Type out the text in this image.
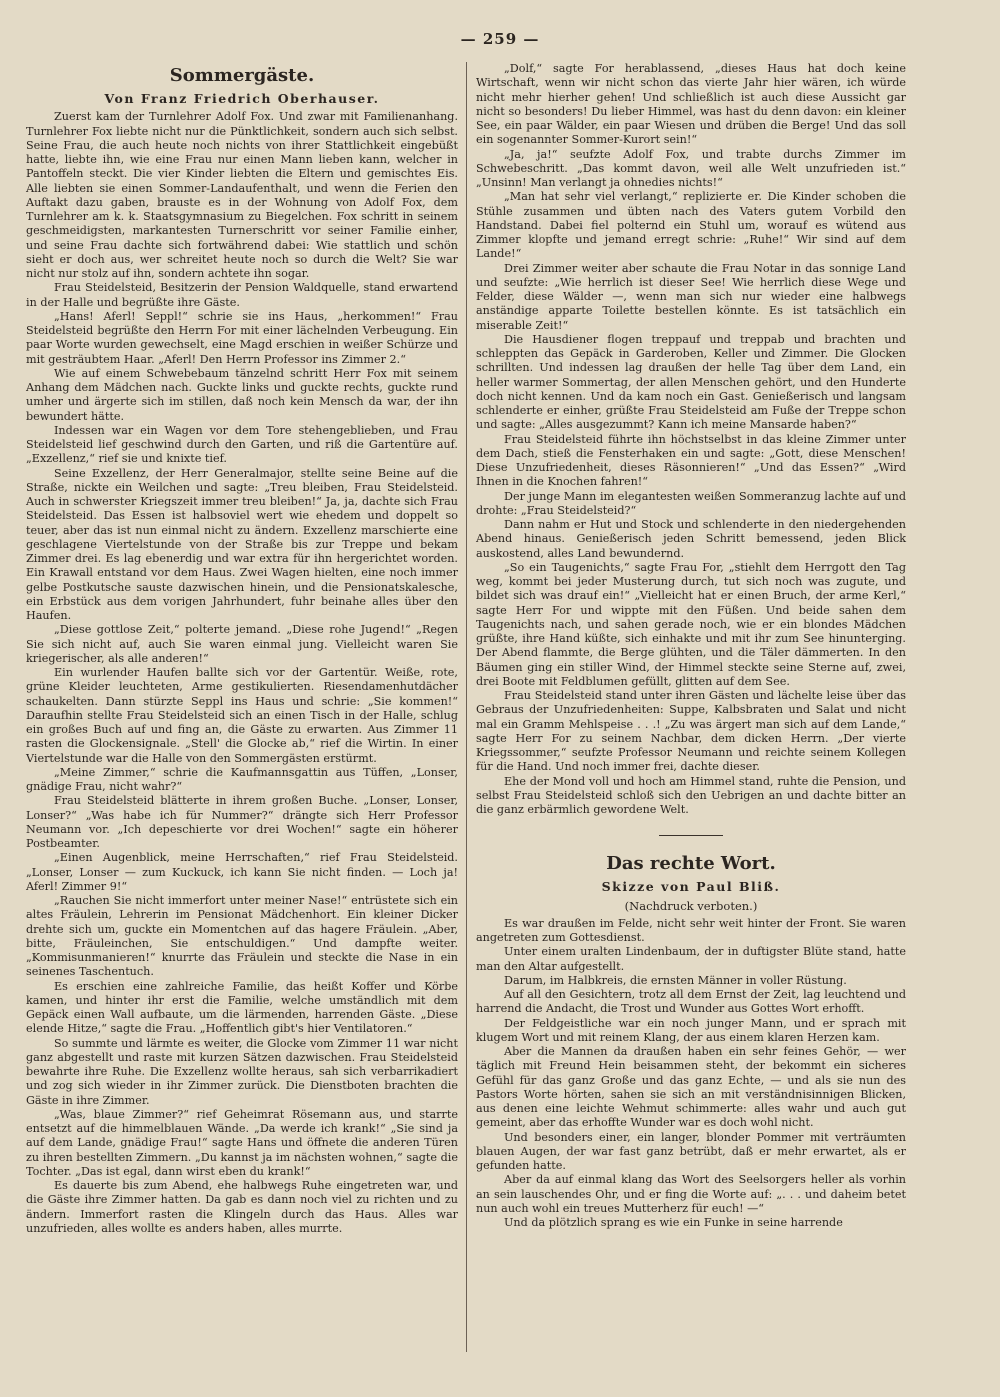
— 259 —
Sommergäste.
Von Franz Friedrich Oberhauser.

Zuerst kam der Turnlehrer Adolf Fox. Und zwar mit Familienanhang. Turnlehrer Fox liebte nicht nur die Pünktlichkeit, sondern auch sich selbst. Seine Frau, die auch heute noch nichts von ihrer Stattlichkeit eingebüßt hatte, liebte ihn, wie eine Frau nur einen Mann lieben kann, welcher in Pantoffeln steckt. Die vier Kinder liebten die Eltern und gemischtes Eis. Alle liebten sie einen Sommer-Landaufenthalt, und wenn die Ferien den Auftakt dazu gaben, brauste es in der Wohnung von Adolf Fox, dem Turnlehrer am k. k. Staatsgymnasium zu Biegelchen. Fox schritt in seinem geschmeidigsten, markantesten Turnerschritt vor seiner Familie einher, und seine Frau dachte sich fortwährend dabei: Wie stattlich und schön sieht er doch aus, wer schreitet heute noch so durch die Welt? Sie war nicht nur stolz auf ihn, sondern achtete ihn sogar.

Frau Steidelsteid, Besitzerin der Pension Waldquelle, stand erwartend in der Halle und begrüßte ihre Gäste.

„Hans! Aferl! Seppl!“ schrie sie ins Haus, „herkommen!“ Frau Steidelsteid begrüßte den Herrn For mit einer lächelnden Verbeugung. Ein paar Worte wurden gewechselt, eine Magd erschien in weißer Schürze und mit gesträubtem Haar. „Aferl! Den Herrn Professor ins Zimmer 2.“

Wie auf einem Schwebebaum tänzelnd schritt Herr Fox mit seinem Anhang dem Mädchen nach. Guckte links und guckte rechts, guckte rund umher und ärgerte sich im stillen, daß noch kein Mensch da war, der ihn bewundert hätte.

Indessen war ein Wagen vor dem Tore stehengeblieben, und Frau Steidelsteid lief geschwind durch den Garten, und riß die Gartentüre auf. „Exzellenz,“ rief sie und knixte tief.

Seine Exzellenz, der Herr Generalmajor, stellte seine Beine auf die Straße, nickte ein Weilchen und sagte: „Treu bleiben, Frau Steidelsteid. Auch in schwerster Kriegszeit immer treu bleiben!“ Ja, ja, dachte sich Frau Steidelsteid. Das Essen ist halbsoviel wert wie ehedem und doppelt so teuer, aber das ist nun einmal nicht zu ändern. Exzellenz marschierte eine geschlagene Viertelstunde von der Straße bis zur Treppe und bekam Zimmer drei. Es lag ebenerdig und war extra für ihn hergerichtet worden. Ein Krawall entstand vor dem Haus. Zwei Wagen hielten, eine noch immer gelbe Postkutsche sauste dazwischen hinein, und die Pensionatskalesche, ein Erbstück aus dem vorigen Jahrhundert, fuhr beinahe alles über den Haufen.

„Diese gottlose Zeit,“ polterte jemand. „Diese rohe Jugend!“ „Regen Sie sich nicht auf, auch Sie waren einmal jung. Vielleicht waren Sie kriegerischer, als alle anderen!“

Ein wurlender Haufen ballte sich vor der Gartentür. Weiße, rote, grüne Kleider leuchteten, Arme gestikulierten. Riesendamenhutdächer schaukelten. Dann stürzte Seppl ins Haus und schrie: „Sie kommen!“ Daraufhin stellte Frau Steidelsteid sich an einen Tisch in der Halle, schlug ein großes Buch auf und fing an, die Gäste zu erwarten. Aus Zimmer 11 rasten die Glockensignale. „Stell' die Glocke ab,“ rief die Wirtin. In einer Viertelstunde war die Halle von den Sommergästen erstürmt.

„Meine Zimmer,“ schrie die Kaufmannsgattin aus Tüffen, „Lonser, gnädige Frau, nicht wahr?“

Frau Steidelsteid blätterte in ihrem großen Buche. „Lonser, Lonser, Lonser?“ „Was habe ich für Nummer?“ drängte sich Herr Professor Neumann vor. „Ich depeschierte vor drei Wochen!“ sagte ein höherer Postbeamter.

„Einen Augenblick, meine Herrschaften,“ rief Frau Steidelsteid. „Lonser, Lonser — zum Kuckuck, ich kann Sie nicht finden. — Loch ja! Aferl! Zimmer 9!“

„Rauchen Sie nicht immerfort unter meiner Nase!“ entrüstete sich ein altes Fräulein, Lehrerin im Pensionat Mädchenhort. Ein kleiner Dicker drehte sich um, guckte ein Momentchen auf das hagere Fräulein. „Aber, bitte, Fräuleinchen, Sie entschuldigen.“ Und dampfte weiter. „Kommisunmanieren!“ knurrte das Fräulein und steckte die Nase in ein seinenes Taschentuch.

Es erschien eine zahlreiche Familie, das heißt Koffer und Körbe kamen, und hinter ihr erst die Familie, welche umständlich mit dem Gepäck einen Wall aufbaute, um die lärmenden, harrenden Gäste. „Diese elende Hitze,“ sagte die Frau. „Hoffentlich gibt's hier Ventilatoren.“

So summte und lärmte es weiter, die Glocke vom Zimmer 11 war nicht ganz abgestellt und raste mit kurzen Sätzen dazwischen. Frau Steidelsteid bewahrte ihre Ruhe. Die Exzellenz wollte heraus, sah sich verbarrikadiert und zog sich wieder in ihr Zimmer zurück. Die Dienstboten brachten die Gäste in ihre Zimmer.

„Was, blaue Zimmer?“ rief Geheimrat Rösemann aus, und starrte entsetzt auf die himmelblauen Wände. „Da werde ich krank!“ „Sie sind ja auf dem Lande, gnädige Frau!“ sagte Hans und öffnete die anderen Türen zu ihren bestellten Zimmern. „Du kannst ja im nächsten wohnen,“ sagte die Tochter. „Das ist egal, dann wirst eben du krank!“

Es dauerte bis zum Abend, ehe halbwegs Ruhe eingetreten war, und die Gäste ihre Zimmer hatten. Da gab es dann noch viel zu richten und zu ändern. Immerfort rasten die Klingeln durch das Haus. Alles war unzufrieden, alles wollte es anders haben, alles murrte.

„Dolf,“ sagte For herablassend, „dieses Haus hat doch keine Wirtschaft, wenn wir nicht schon das vierte Jahr hier wären, ich würde nicht mehr hierher gehen! Und schließlich ist auch diese Aussicht gar nicht so besonders! Du lieber Himmel, was hast du denn davon: ein kleiner See, ein paar Wälder, ein paar Wiesen und drüben die Berge! Und das soll ein sogenannter Sommer-Kurort sein!“

„Ja, ja!“ seufzte Adolf Fox, und trabte durchs Zimmer im Schwebeschritt. „Das kommt davon, weil alle Welt unzufrieden ist.“ „Unsinn! Man verlangt ja ohnedies nichts!“

„Man hat sehr viel verlangt,“ replizierte er. Die Kinder schoben die Stühle zusammen und übten nach des Vaters gutem Vorbild den Handstand. Dabei fiel polternd ein Stuhl um, worauf es wütend aus Zimmer klopfte und jemand erregt schrie: „Ruhe!“ Wir sind auf dem Lande!“

Drei Zimmer weiter aber schaute die Frau Notar in das sonnige Land und seufzte: „Wie herrlich ist dieser See! Wie herrlich diese Wege und Felder, diese Wälder —, wenn man sich nur wieder eine halbwegs anständige apparte Toilette bestellen könnte. Es ist tatsächlich ein miserable Zeit!“

Die Hausdiener flogen treppauf und treppab und brachten und schleppten das Gepäck in Garderoben, Keller und Zimmer. Die Glocken schrillten. Und indessen lag draußen der helle Tag über dem Land, ein heller warmer Sommertag, der allen Menschen gehört, und den Hunderte doch nicht kennen. Und da kam noch ein Gast. Genießerisch und langsam schlenderte er einher, grüßte Frau Steidelsteid am Fuße der Treppe schon und sagte: „Alles ausgezummt? Kann ich meine Mansarde haben?“

Frau Steidelsteid führte ihn höchstselbst in das kleine Zimmer unter dem Dach, stieß die Fensterhaken ein und sagte: „Gott, diese Menschen! Diese Unzufriedenheit, dieses Räsonnieren!“ „Und das Essen?“ „Wird Ihnen in die Knochen fahren!“

Der junge Mann im elegantesten weißen Sommeranzug lachte auf und drohte: „Frau Steidelsteid?“

Dann nahm er Hut und Stock und schlenderte in den niedergehenden Abend hinaus. Genießerisch jeden Schritt bemessend, jeden Blick auskostend, alles Land bewundernd.

„So ein Taugenichts,“ sagte Frau For, „stiehlt dem Herrgott den Tag weg, kommt bei jeder Musterung durch, tut sich noch was zugute, und bildet sich was drauf ein!“ „Vielleicht hat er einen Bruch, der arme Kerl,“ sagte Herr For und wippte mit den Füßen. Und beide sahen dem Taugenichts nach, und sahen gerade noch, wie er ein blondes Mädchen grüßte, ihre Hand küßte, sich einhakte und mit ihr zum See hinunterging. Der Abend flammte, die Berge glühten, und die Täler dämmerten. In den Bäumen ging ein stiller Wind, der Himmel steckte seine Sterne auf, zwei, drei Boote mit Feldblumen gefüllt, glitten auf dem See.

Frau Steidelsteid stand unter ihren Gästen und lächelte leise über das Gebraus der Unzufriedenheiten: Suppe, Kalbsbraten und Salat und nicht mal ein Gramm Mehlspeise . . .! „Zu was ärgert man sich auf dem Lande,“ sagte Herr For zu seinem Nachbar, dem dicken Herrn. „Der vierte Kriegssommer,“ seufzte Professor Neumann und reichte seinem Kollegen für die Hand. Und noch immer frei, dachte dieser.

Ehe der Mond voll und hoch am Himmel stand, ruhte die Pension, und selbst Frau Steidelsteid schloß sich den Uebrigen an und dachte bitter an die ganz erbärmlich gewordene Welt.

Das rechte Wort.
Skizze von Paul Bliß.
(Nachdruck verboten.)

Es war draußen im Felde, nicht sehr weit hinter der Front. Sie waren angetreten zum Gottesdienst.

Unter einem uralten Lindenbaum, der in duftigster Blüte stand, hatte man den Altar aufgestellt.

Darum, im Halbkreis, die ernsten Männer in voller Rüstung.

Auf all den Gesichtern, trotz all dem Ernst der Zeit, lag leuchtend und harrend die Andacht, die Trost und Wunder aus Gottes Wort erhofft.

Der Feldgeistliche war ein noch junger Mann, und er sprach mit klugem Wort und mit reinem Klang, der aus einem klaren Herzen kam.

Aber die Mannen da draußen haben ein sehr feines Gehör, — wer täglich mit Freund Hein beisammen steht, der bekommt ein sicheres Gefühl für das ganz Große und das ganz Echte, — und als sie nun des Pastors Worte hörten, sahen sie sich an mit verständnisinnigen Blicken, aus denen eine leichte Wehmut schimmerte: alles wahr und auch gut gemeint, aber das erhoffte Wunder war es doch wohl nicht.

Und besonders einer, ein langer, blonder Pommer mit verträumten blauen Augen, der war fast ganz betrübt, daß er mehr erwartet, als er gefunden hatte.

Aber da auf einmal klang das Wort des Seelsorgers heller als vorhin an sein lauschendes Ohr, und er fing die Worte auf: „. . . und daheim betet nun auch wohl ein treues Mutterherz für euch! —“

Und da plötzlich sprang es wie ein Funke in seine harrende
